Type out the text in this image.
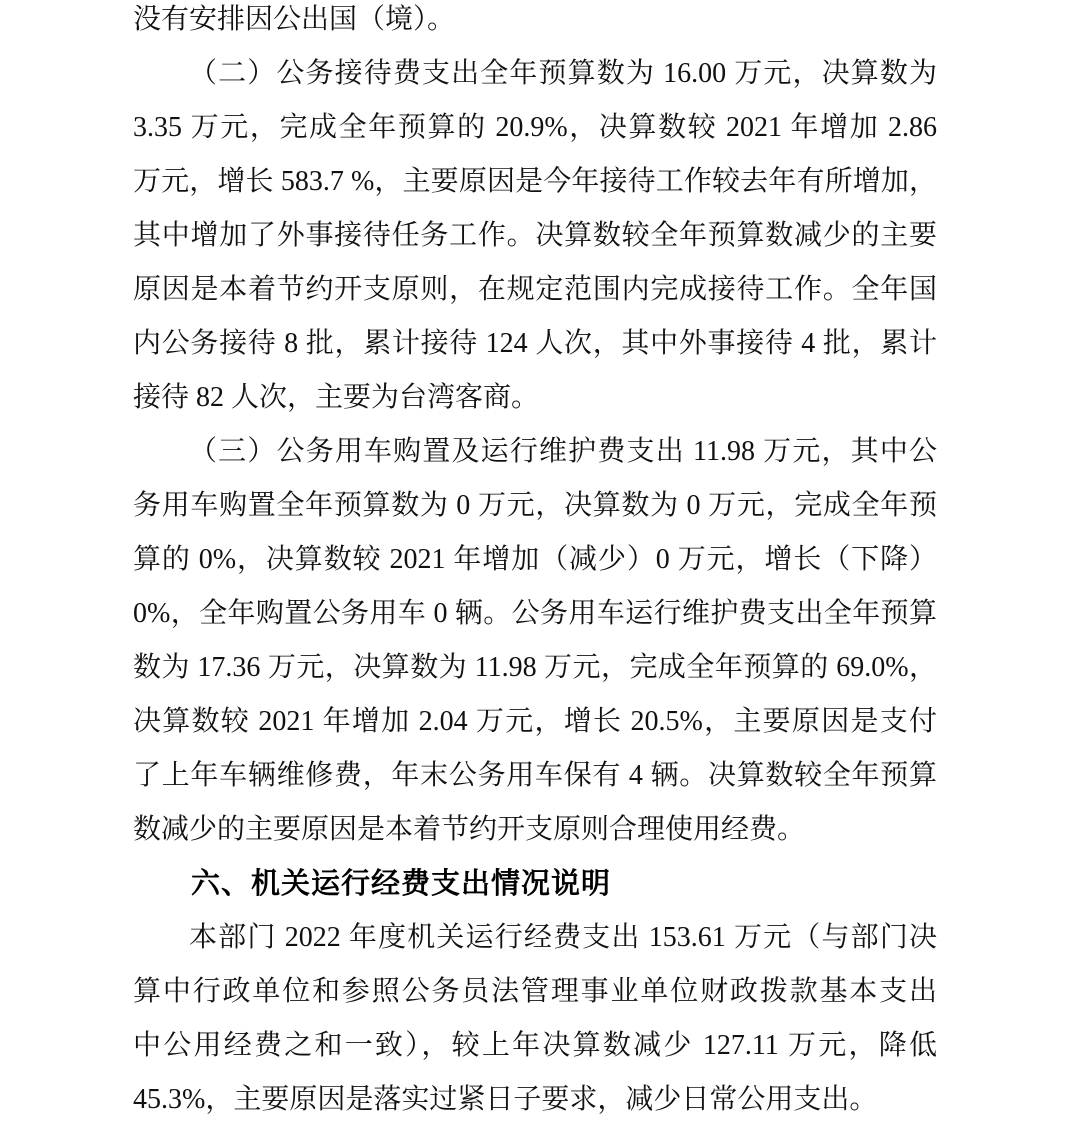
没有安排因公出国（境）。
（二）公务接待费支出全年预算数为 16.00 万元，决算数为
3.35 万元，完成全年预算的 20.9%，决算数较 2021 年增加 2.86
万元，增长 583.7 %，主要原因是今年接待工作较去年有所增加，
其中增加了外事接待任务工作。决算数较全年预算数减少的主要
原因是本着节约开支原则，在规定范围内完成接待工作。全年国
内公务接待 8 批，累计接待 124 人次，其中外事接待 4 批，累计
接待 82 人次，主要为台湾客商。
（三）公务用车购置及运行维护费支出 11.98 万元，其中公
务用车购置全年预算数为 0 万元，决算数为 0 万元，完成全年预
算的 0%，决算数较 2021 年增加（减少）0 万元，增长（下降）
0%，全年购置公务用车 0 辆。公务用车运行维护费支出全年预算
数为 17.36 万元，决算数为 11.98 万元，完成全年预算的 69.0%，
决算数较 2021 年增加 2.04 万元，增长 20.5%，主要原因是支付
了上年车辆维修费，年末公务用车保有 4 辆。决算数较全年预算
数减少的主要原因是本着节约开支原则合理使用经费。
六、机关运行经费支出情况说明
本部门 2022 年度机关运行经费支出 153.61 万元（与部门决
算中行政单位和参照公务员法管理事业单位财政拨款基本支出
中公用经费之和一致），较上年决算数减少 127.11 万元，降低
45.3%，主要原因是落实过紧日子要求，减少日常公用支出。
